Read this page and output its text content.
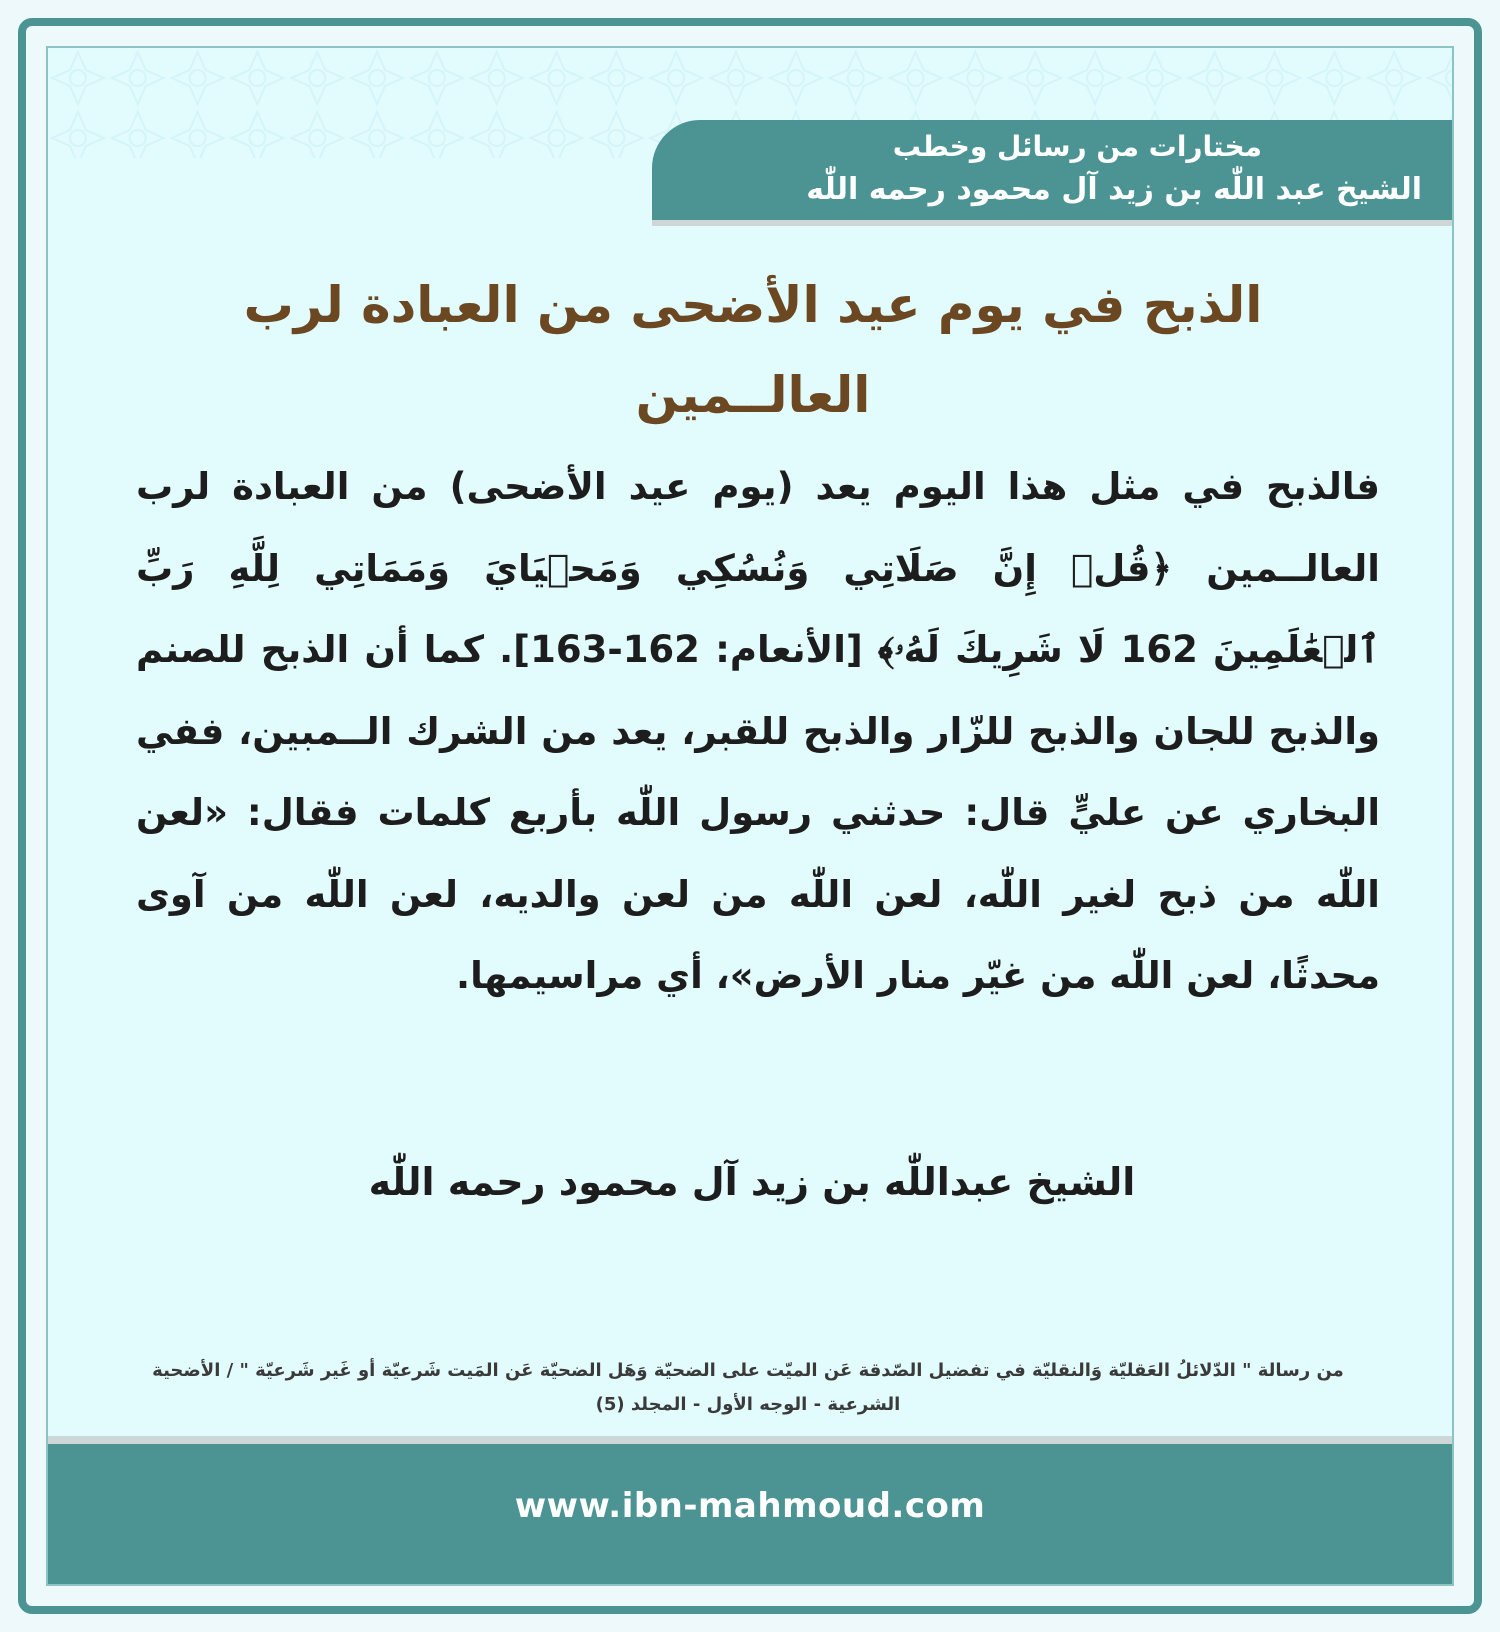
مختارات من رسائل وخطب
الشيخ عبد اللّٰه بن زيد آل محمود رحمه اللّٰه
الذبح في يوم عيد الأضحى من العبادة لرب العالــمين
فالذبح في مثل هذا اليوم يعد (يوم عيد الأضحى) من العبادة لرب العالــمين ﴿قُلۡ إِنَّ صَلَاتِي وَنُسُكِي وَمَحۡيَايَ وَمَمَاتِي لِلَّهِ رَبِّ ٱلۡعَٰلَمِينَ 162 لَا شَرِيكَ لَهُۥ﴾ [الأنعام: 162-163]. كما أن الذبح للصنم والذبح للجان والذبح للزّار والذبح للقبر، يعد من الشرك الــمبين، ففي البخاري عن عليٍّ قال: حدثني رسول اللّٰه بأربع كلمات فقال: «لعن اللّٰه من ذبح لغير اللّٰه، لعن اللّٰه من لعن والديه، لعن اللّٰه من آوى محدثًا، لعن اللّٰه من غيّر منار الأرض»، أي مراسيمها.
الشيخ عبداللّٰه بن زيد آل محمود رحمه اللّٰه
من رسالة " الدّلائلُ العَقليّة وَالنقليّة في تفضيل الصّدقة عَن الميّت على الضحيّة وَهَل الضحيّة عَن المَيت شَرعيّة أو غَير شَرعيّة " / الأضحية الشرعية - الوجه الأول - المجلد (5)
www.ibn-mahmoud.com
